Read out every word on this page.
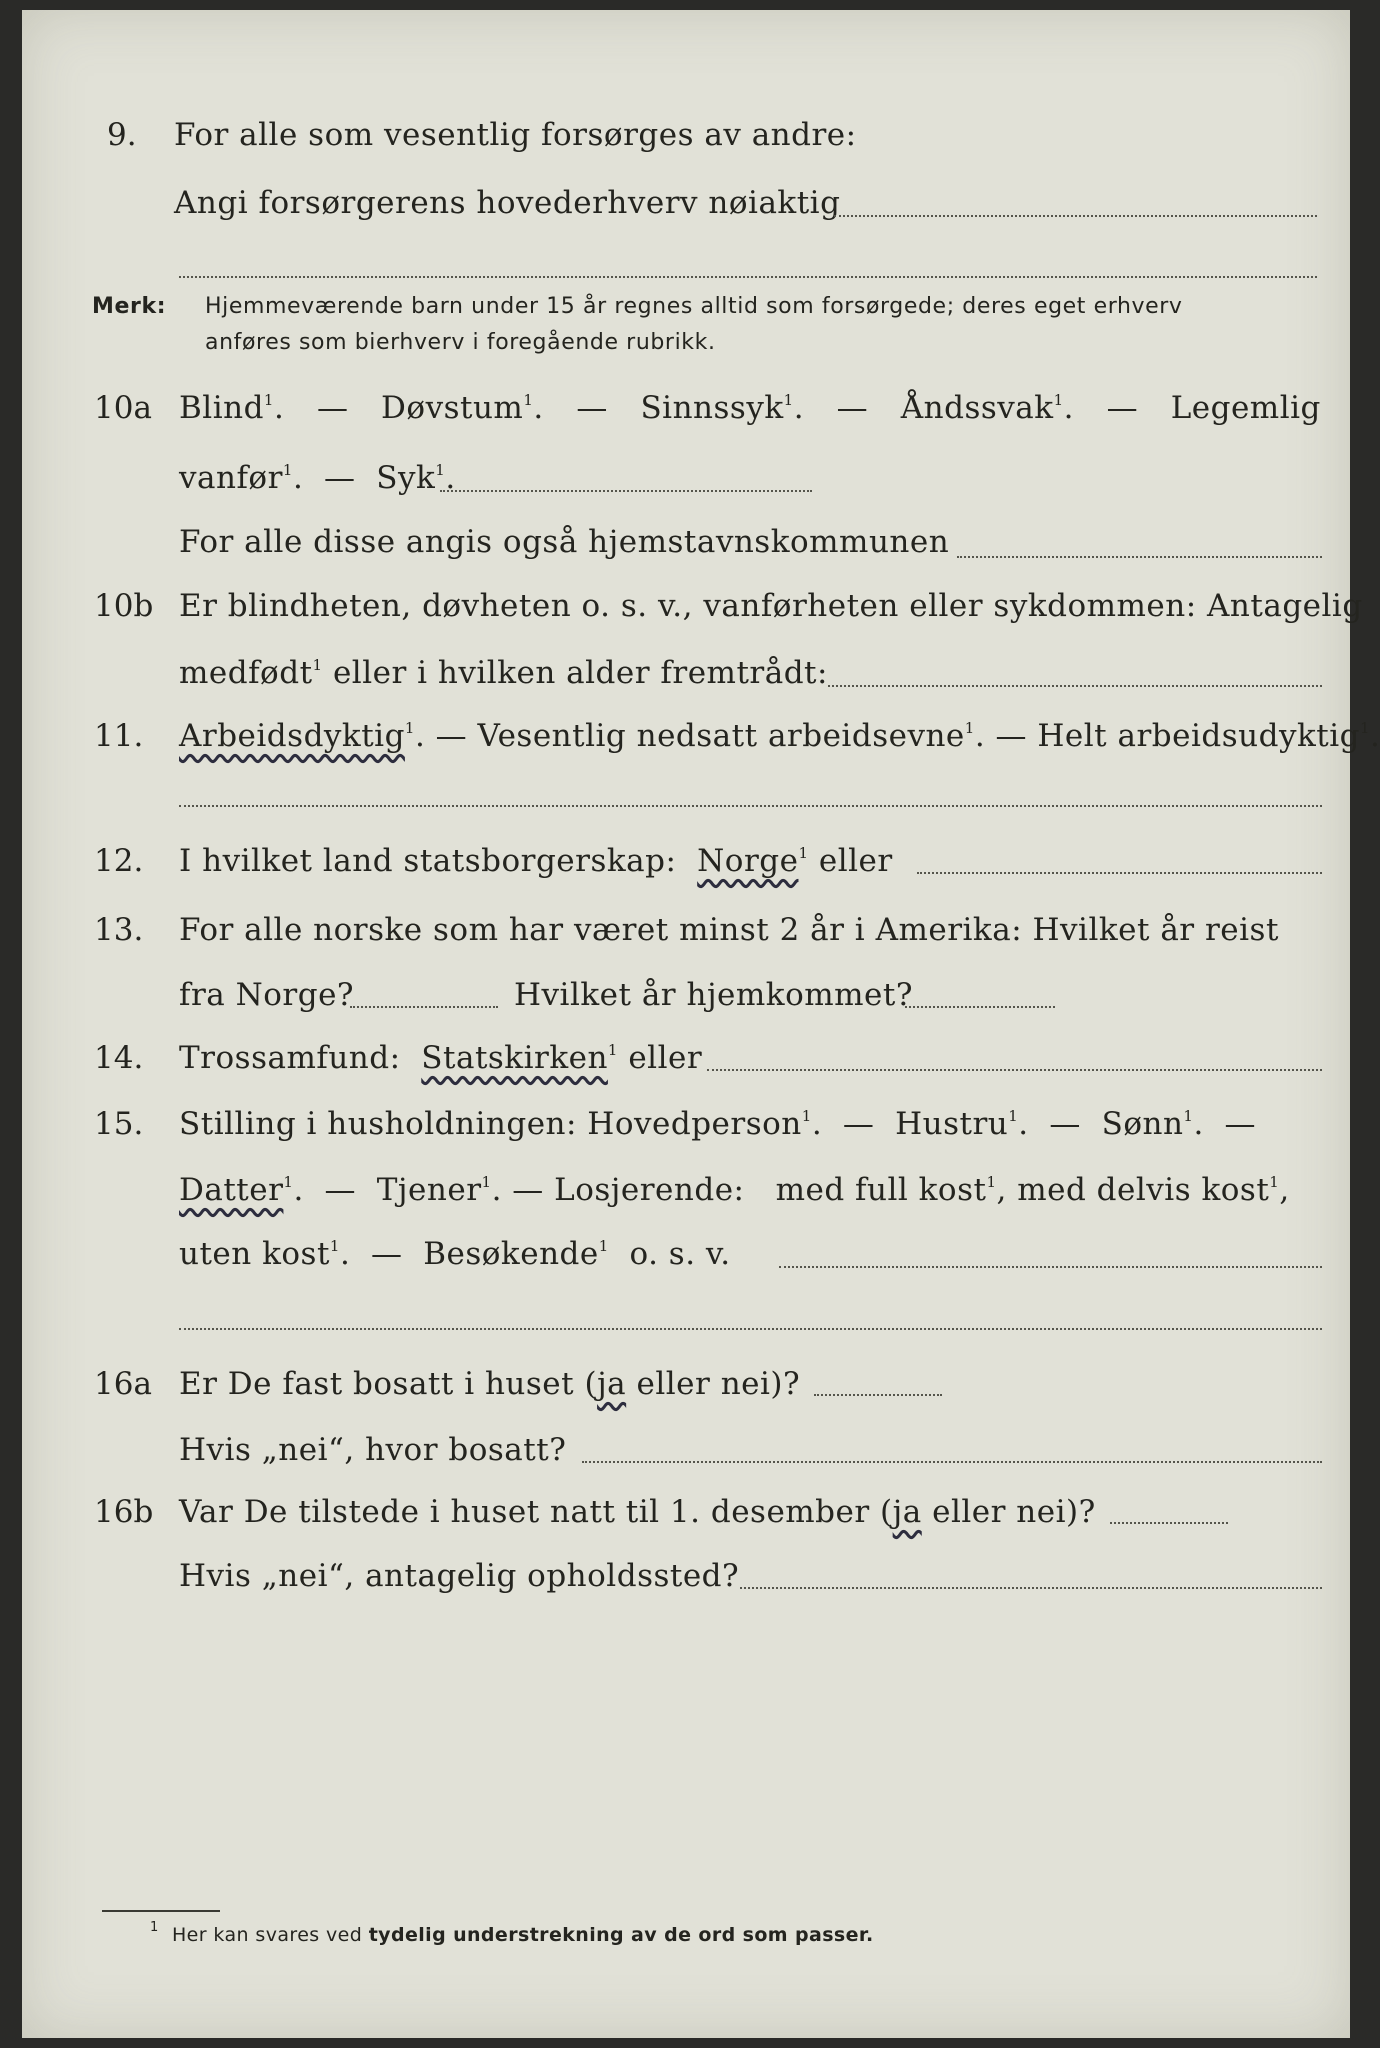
9. For alle som vesentlig forsørges av andre:
Angi forsørgerens hovederhverv nøiaktig
Merk: Hjemmeværende barn under 15 år regnes alltid som forsørgede; deres eget erhverv
anføres som bierhverv i foregående rubrikk.
10a Blind$^1$. — Døvstum$^1$. — Sinnssyk$^1$. — Åndssvak$^1$. — Legemlig
vanfør$^1$.  —  Syk$^1$.
For alle disse angis også hjemstavnskommunen
10b Er blindheten, døvheten o. s. v., vanførheten eller sykdommen: Antagelig
medfødt$^1$ eller i hvilken alder fremtrådt:
11. Arbeidsdyktig$^1$. — Vesentlig nedsatt arbeidsevne$^1$. — Helt arbeidsudyktig$^1$.
12. I hvilket land statsborgerskap: Norge$^1$ eller
13. For alle norske som har været minst 2 år i Amerika: Hvilket år reist
fra Norge?	Hvilket år hjemkommet?
14. Trossamfund: Statskirken$^1$ eller
15. Stilling i husholdningen: Hovedperson$^1$.  —  Hustru$^1$.  —  Sønn$^1$.  —
Datter$^1$.  —  Tjener$^1$. — Losjerende: med full kost$^1$, med delvis kost$^1$,
uten kost$^1$.  —  Besøkende$^1$ o. s. v.
16a Er De fast bosatt i huset (ja eller nei)?
Hvis „nei“, hvor bosatt?
16b Var De tilstede i huset natt til 1. desember (ja eller nei)?
Hvis „nei“, antagelig opholdssted?
1 Her kan svares ved tydelig understrekning av de ord som passer.
